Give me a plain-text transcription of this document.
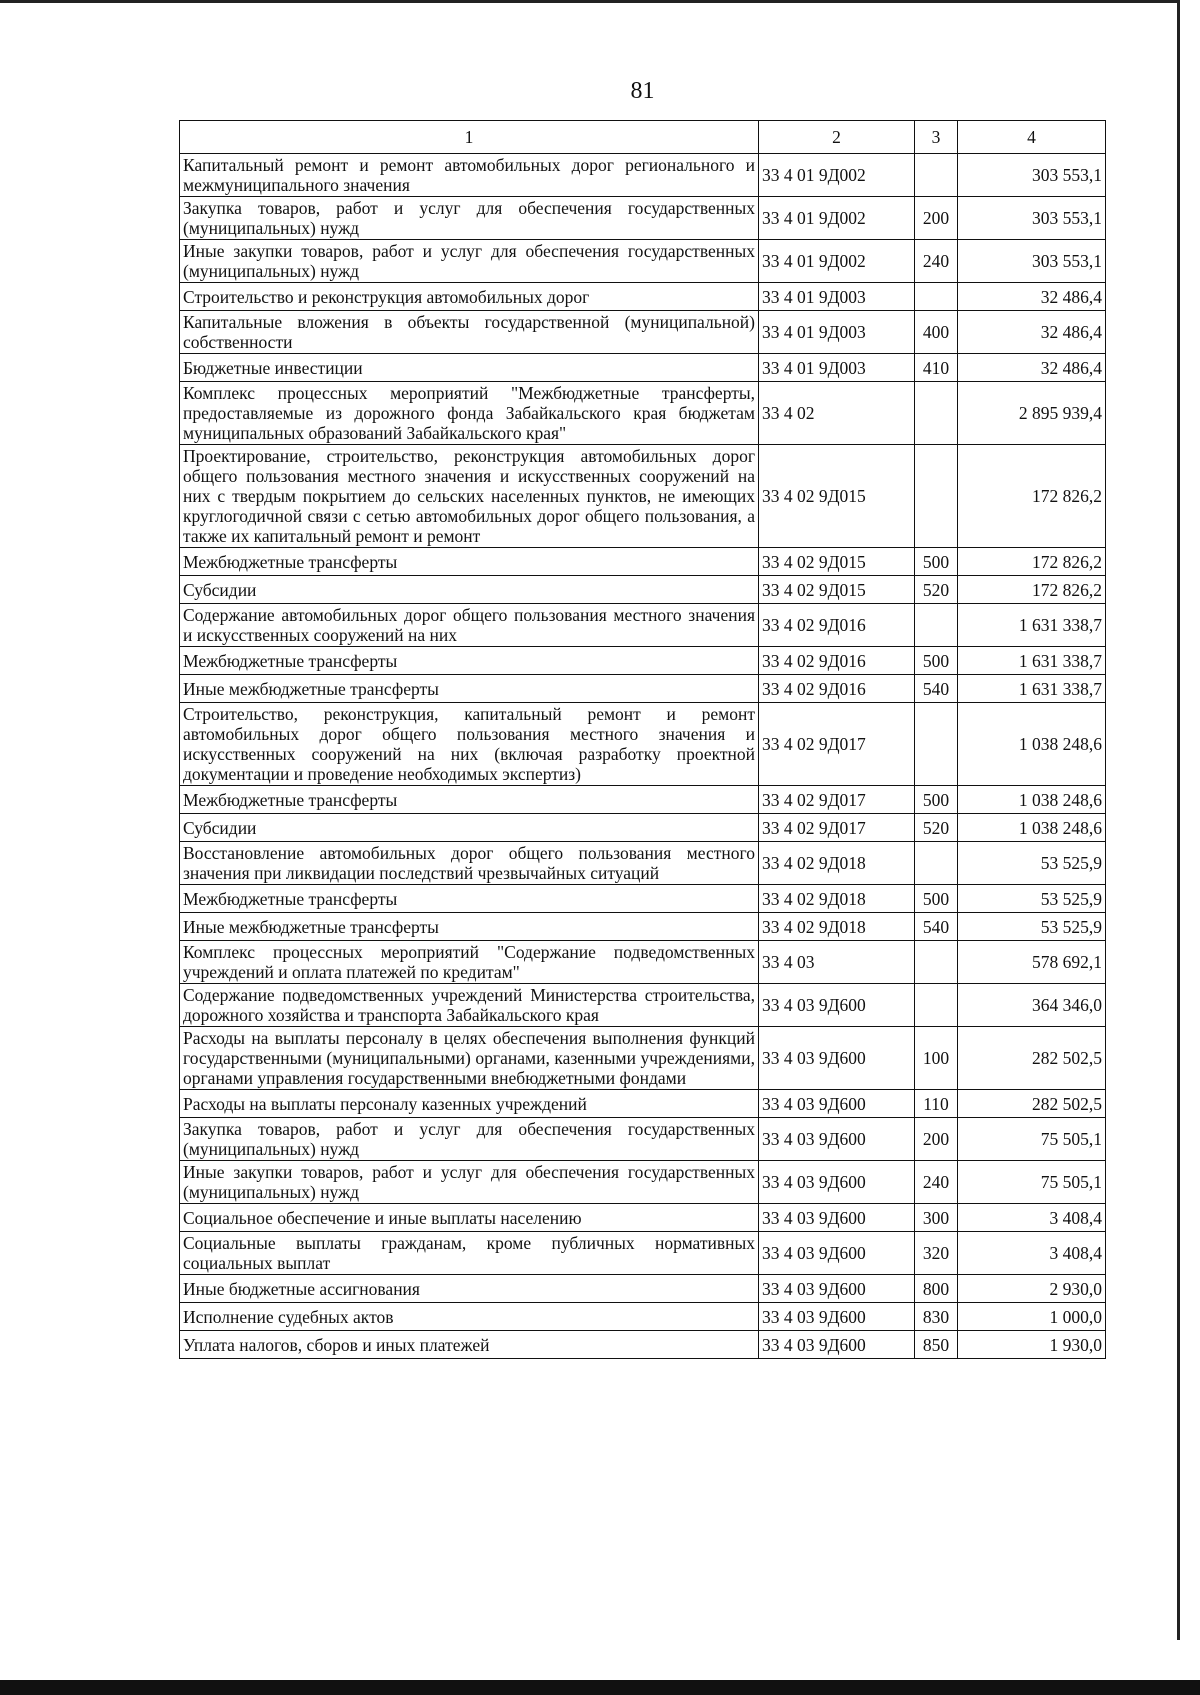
81
1	2	3	4
Капитальный ремонт и ремонт автомобильных дорог регионального и межмуниципального значения	33 4 01 9Д002		303 553,1
Закупка товаров, работ и услуг для обеспечения государственных (муниципальных) нужд	33 4 01 9Д002	200	303 553,1
Иные закупки товаров, работ и услуг для обеспечения государственных (муниципальных) нужд	33 4 01 9Д002	240	303 553,1
Строительство и реконструкция автомобильных дорог	33 4 01 9Д003		32 486,4
Капитальные вложения в объекты государственной (муниципальной) собственности	33 4 01 9Д003	400	32 486,4
Бюджетные инвестиции	33 4 01 9Д003	410	32 486,4
Комплекс процессных мероприятий "Межбюджетные трансферты, предоставляемые из дорожного фонда Забайкальского края бюджетам муниципальных образований Забайкальского края"	33 4 02		2 895 939,4
Проектирование, строительство, реконструкция автомобильных дорог общего пользования местного значения и искусственных сооружений на них с твердым покрытием до сельских населенных пунктов, не имеющих круглогодичной связи с сетью автомобильных дорог общего пользования, а также их капитальный ремонт и ремонт	33 4 02 9Д015		172 826,2
Межбюджетные трансферты	33 4 02 9Д015	500	172 826,2
Субсидии	33 4 02 9Д015	520	172 826,2
Содержание автомобильных дорог общего пользования местного значения и искусственных сооружений на них	33 4 02 9Д016		1 631 338,7
Межбюджетные трансферты	33 4 02 9Д016	500	1 631 338,7
Иные межбюджетные трансферты	33 4 02 9Д016	540	1 631 338,7
Строительство, реконструкция, капитальный ремонт и ремонт автомобильных дорог общего пользования местного значения и искусственных сооружений на них (включая разработку проектной документации и проведение необходимых экспертиз)	33 4 02 9Д017		1 038 248,6
Межбюджетные трансферты	33 4 02 9Д017	500	1 038 248,6
Субсидии	33 4 02 9Д017	520	1 038 248,6
Восстановление автомобильных дорог общего пользования местного значения при ликвидации последствий чрезвычайных ситуаций	33 4 02 9Д018		53 525,9
Межбюджетные трансферты	33 4 02 9Д018	500	53 525,9
Иные межбюджетные трансферты	33 4 02 9Д018	540	53 525,9
Комплекс процессных мероприятий "Содержание подведомственных учреждений и оплата платежей по кредитам"	33 4 03		578 692,1
Содержание подведомственных учреждений Министерства строительства, дорожного хозяйства и транспорта Забайкальского края	33 4 03 9Д600		364 346,0
Расходы на выплаты персоналу в целях обеспечения выполнения функций государственными (муниципальными) органами, казенными учреждениями, органами управления государственными внебюджетными фондами	33 4 03 9Д600	100	282 502,5
Расходы на выплаты персоналу казенных учреждений	33 4 03 9Д600	110	282 502,5
Закупка товаров, работ и услуг для обеспечения государственных (муниципальных) нужд	33 4 03 9Д600	200	75 505,1
Иные закупки товаров, работ и услуг для обеспечения государственных (муниципальных) нужд	33 4 03 9Д600	240	75 505,1
Социальное обеспечение и иные выплаты населению	33 4 03 9Д600	300	3 408,4
Социальные выплаты гражданам, кроме публичных нормативных социальных выплат	33 4 03 9Д600	320	3 408,4
Иные бюджетные ассигнования	33 4 03 9Д600	800	2 930,0
Исполнение судебных актов	33 4 03 9Д600	830	1 000,0
Уплата налогов, сборов и иных платежей	33 4 03 9Д600	850	1 930,0
